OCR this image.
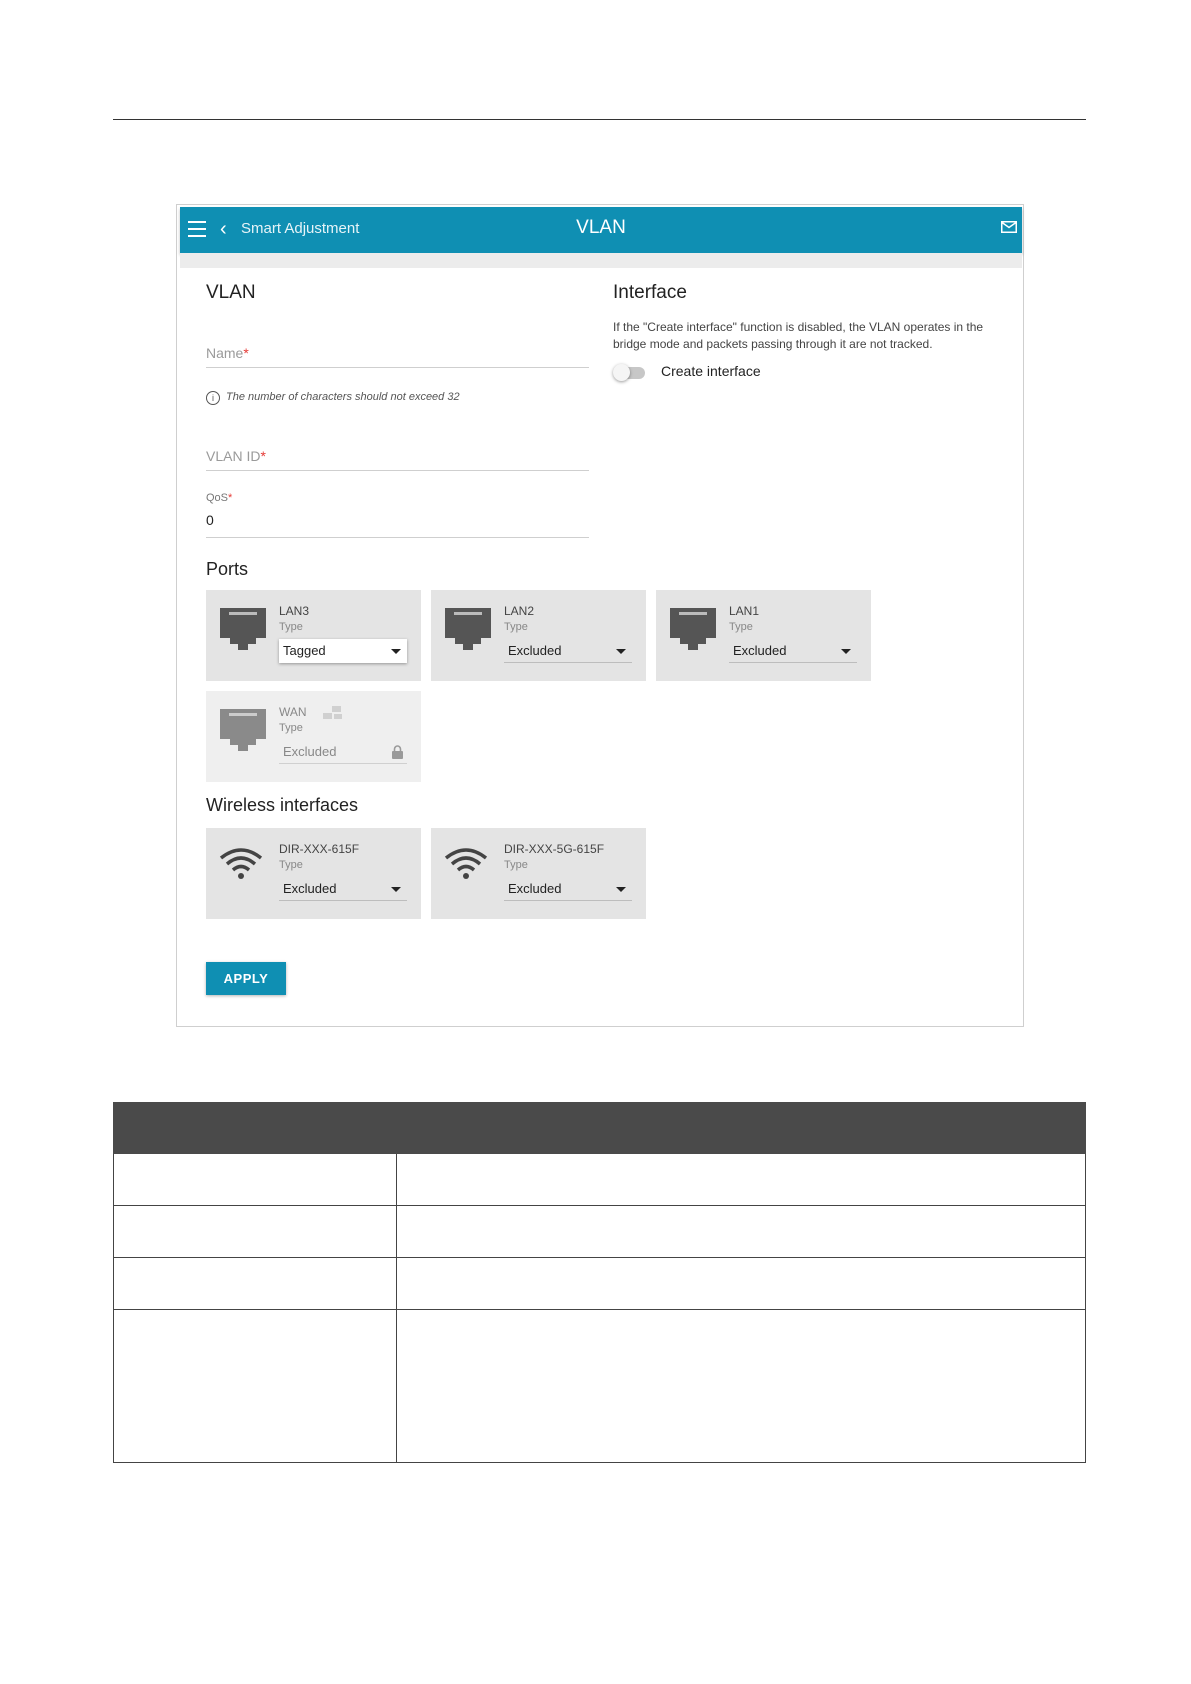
‹ Smart Adjustment	VLAN
VLAN
Name*
i	The number of characters should not exceed 32
VLAN ID*
QoS*
0
Interface
If the "Create interface" function is disabled, the VLAN operates in the bridge mode and packets passing through it are not tracked.
Create interface
Ports
LAN3
Type
Tagged
LAN2
Type
Excluded
LAN1
Type
Excluded
WAN
Type
Excluded
Wireless interfaces
DIR-XXX-615F
Type
Excluded
DIR-XXX-5G-615F
Type
Excluded
APPLY
